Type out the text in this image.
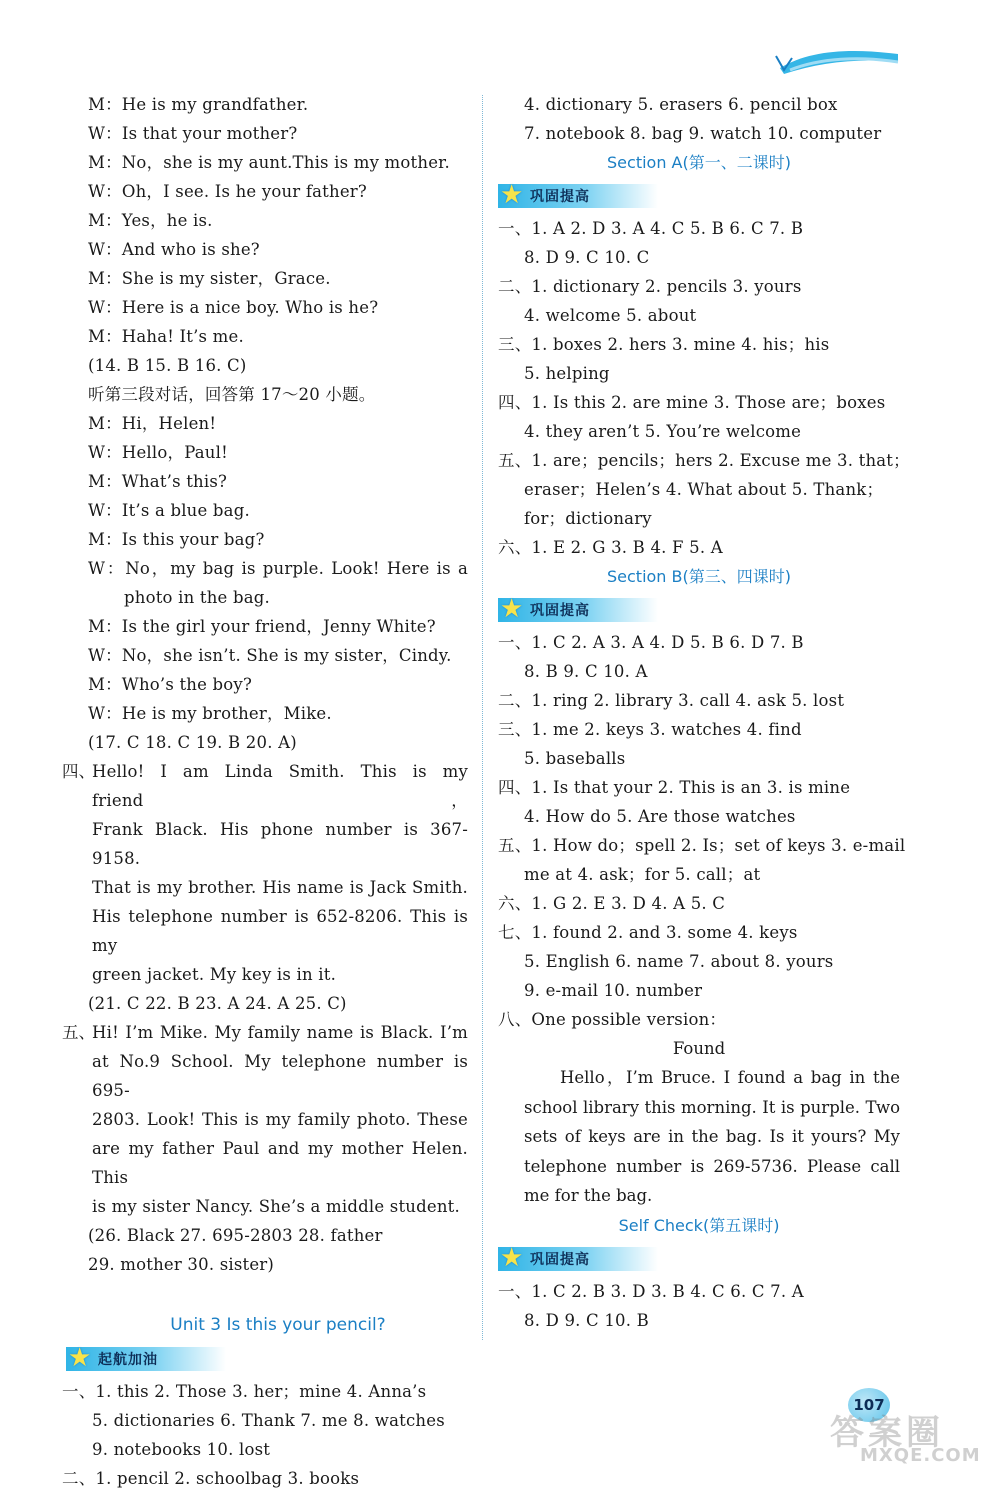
M：He is my grandfather.
W：Is that your mother?
M：No，she is my aunt.This is my mother.
W：Oh，I see. Is he your father?
M：Yes，he is.
W：And who is she?
M：She is my sister，Grace.
W：Here is a nice boy. Who is he?
M：Haha! It’s me.
(14. B 15. B 16. C)
听第三段对话，回答第 17～20 小题。
M：Hi，Helen!
W：Hello，Paul!
M：What’s this?
W：It’s a blue bag.
M：Is this your bag?
W：No，my bag is purple. Look! Here is a
photo in the bag.
M：Is the girl your friend，Jenny White?
W：No，she isn’t. She is my sister，Cindy.
M：Who’s the boy?
W：He is my brother，Mike.
(17. C 18. C 19. B 20. A)
四、
Hello! I am Linda Smith. This is my friend，
Frank Black. His phone number is 367-9158.
That is my brother. His name is Jack Smith.
His telephone number is 652-8206. This is my
green jacket. My key is in it.
(21. C 22. B 23. A 24. A 25. C)
五、
Hi! I’m Mike. My family name is Black. I’m
at No.9 School. My telephone number is 695-
2803. Look! This is my family photo. These
are my father Paul and my mother Helen. This
is my sister Nancy. She’s a middle student.
(26. Black 27. 695-2803 28. father
29. mother 30. sister)
Unit 3 Is this your pencil?
★ 起航加油
一、1. this 2. Those 3. her；mine 4. Anna’s
5. dictionaries 6. Thank 7. me 8. watches
9. notebooks 10. lost
二、1. pencil 2. schoolbag 3. books
4. dictionary 5. erasers 6. pencil box
7. notebook 8. bag 9. watch 10. computer
Section A(第一、二课时)
★ 巩固提高
一、1. A 2. D 3. A 4. C 5. B 6. C 7. B
8. D 9. C 10. C
二、1. dictionary 2. pencils 3. yours
4. welcome 5. about
三、1. boxes 2. hers 3. mine 4. his；his
5. helping
四、1. Is this 2. are mine 3. Those are；boxes
4. they aren’t 5. You’re welcome
五、1. are；pencils；hers 2. Excuse me 3. that；
eraser；Helen’s 4. What about 5. Thank；
for；dictionary
六、1. E 2. G 3. B 4. F 5. A
Section B(第三、四课时)
★ 巩固提高
一、1. C 2. A 3. A 4. D 5. B 6. D 7. B
8. B 9. C 10. A
二、1. ring 2. library 3. call 4. ask 5. lost
三、1. me 2. keys 3. watches 4. find
5. baseballs
四、1. Is that your 2. This is an 3. is mine
4. How do 5. Are those watches
五、1. How do；spell 2. Is；set of keys 3. e-mail
me at 4. ask；for 5. call；at
六、1. G 2. E 3. D 4. A 5. C
七、1. found 2. and 3. some 4. keys
5. English 6. name 7. about 8. yours
9. e-mail 10. number
八、One possible version：
Found
Hello，I’m Bruce. I found a bag in the school library this morning. It is purple. Two sets of keys are in the bag. Is it yours? My telephone number is 269-5736. Please call me for the bag.
Self Check(第五课时)
★ 巩固提高
一、1. C 2. B 3. D 3. B 4. C 6. C 7. A
8. D 9. C 10. B
107
答案圈
MXQE.COM
